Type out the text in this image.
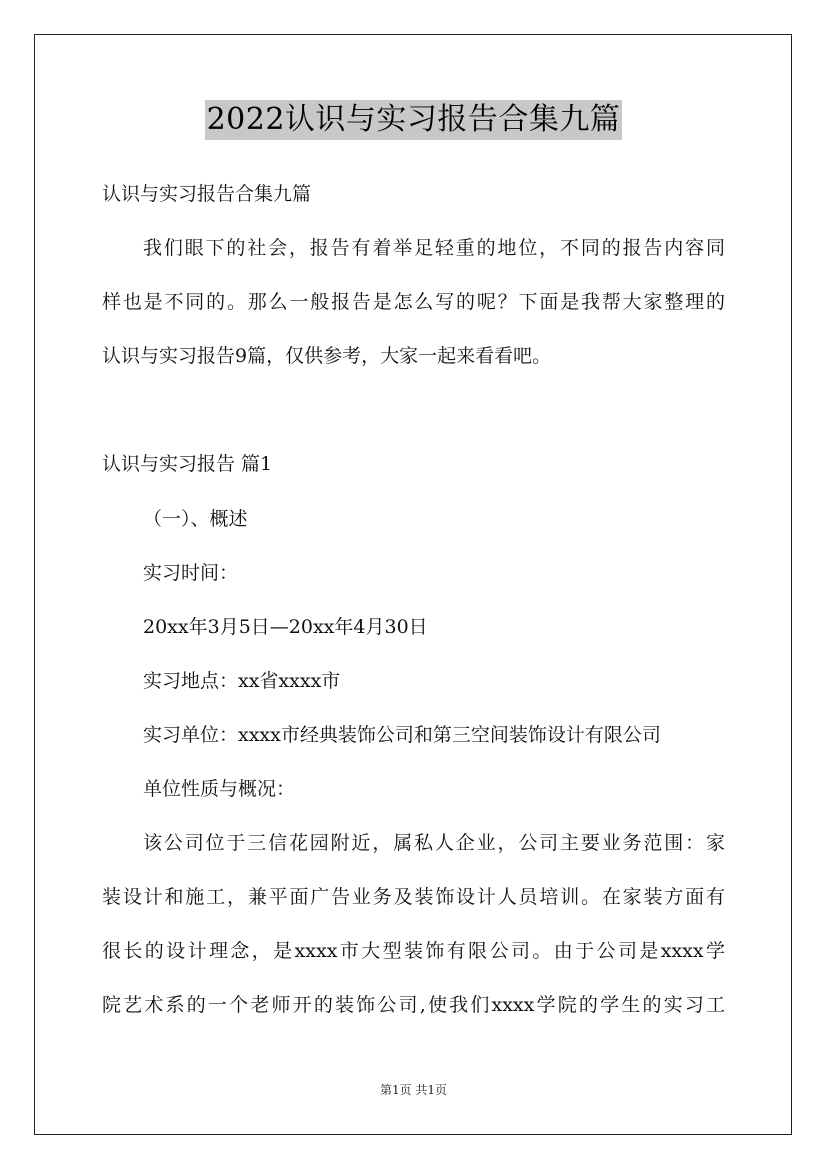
2022认识与实习报告合集九篇
认识与实习报告合集九篇
我们眼下的社会，报告有着举足轻重的地位，不同的报告内容同
样也是不同的。那么一般报告是怎么写的呢？下面是我帮大家整理的
认识与实习报告9篇，仅供参考，大家一起来看看吧。
认识与实习报告 篇1
（一）、概述
实习时间：
20xx年3月5日—20xx年4月30日
实习地点：xx省xxxx市
实习单位：xxxx市经典装饰公司和第三空间装饰设计有限公司
单位性质与概况：
该公司位于三信花园附近，属私人企业，公司主要业务范围：家
装设计和施工，兼平面广告业务及装饰设计人员培训。在家装方面有
很长的设计理念，是xxxx市大型装饰有限公司。由于公司是xxxx学
院艺术系的一个老师开的装饰公司,使我们xxxx学院的学生的实习工
第1页 共1页
